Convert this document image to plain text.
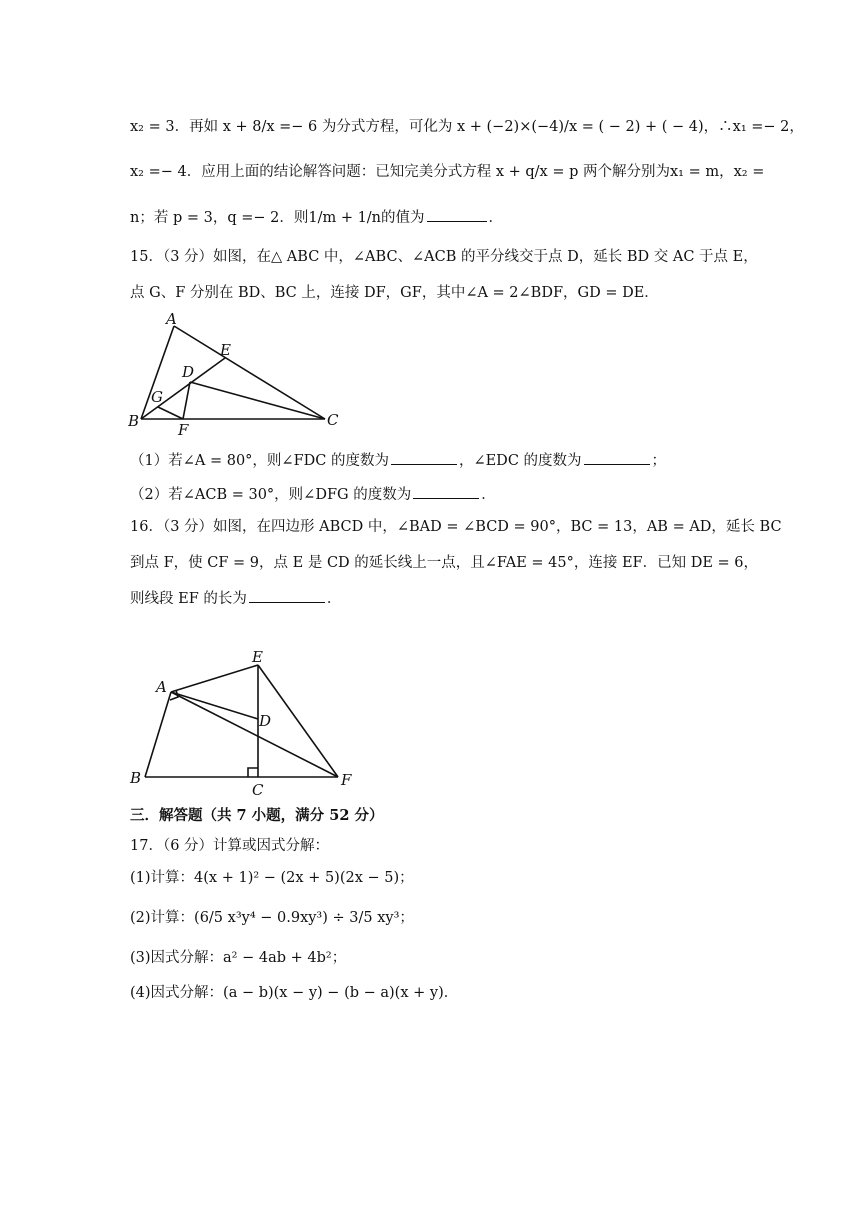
x₂ = 3．再如 x + 8/x =− 6 为分式方程，可化为 x + (−2)×(−4)/x = ( − 2) + ( − 4)，∴x₁ =− 2，
x₂ =− 4．应用上面的结论解答问题：已知完美分式方程 x + q/x = p 两个解分别为x₁ = m，x₂ =
n；若 p = 3，q =− 2．则1/m + 1/n的值为	．
15．（3 分）如图，在△ ABC 中，∠ABC、∠ACB 的平分线交于点 D，延长 BD 交 AC 于点 E，
点 G、F 分别在 BD、BC 上，连接 DF，GF，其中∠A = 2∠BDF，GD = DE．
A
E
D
G
B	F
C
（1）若∠A = 80°，则∠FDC 的度数为	，∠EDC 的度数为	；
（2）若∠ACB = 30°，则∠DFG 的度数为	．
16．（3 分）如图，在四边形 ABCD 中，∠BAD = ∠BCD = 90°，BC = 13，AB = AD，延长 BC
到点 F，使 CF = 9，点 E 是 CD 的延长线上一点，且∠FAE = 45°，连接 EF．已知 DE = 6，
则线段 EF 的长为	．
E
A
D
B
C
F
三．解答题（共 7 小题，满分 52 分）
17．（6 分）计算或因式分解：
(1)计算：4(x + 1)² − (2x + 5)(2x − 5)；
(2)计算：(6/5 x³y⁴ − 0.9xy³) ÷ 3/5 xy³；
(3)因式分解：a² − 4ab + 4b²；
(4)因式分解：(a − b)(x − y) − (b − a)(x + y)．
